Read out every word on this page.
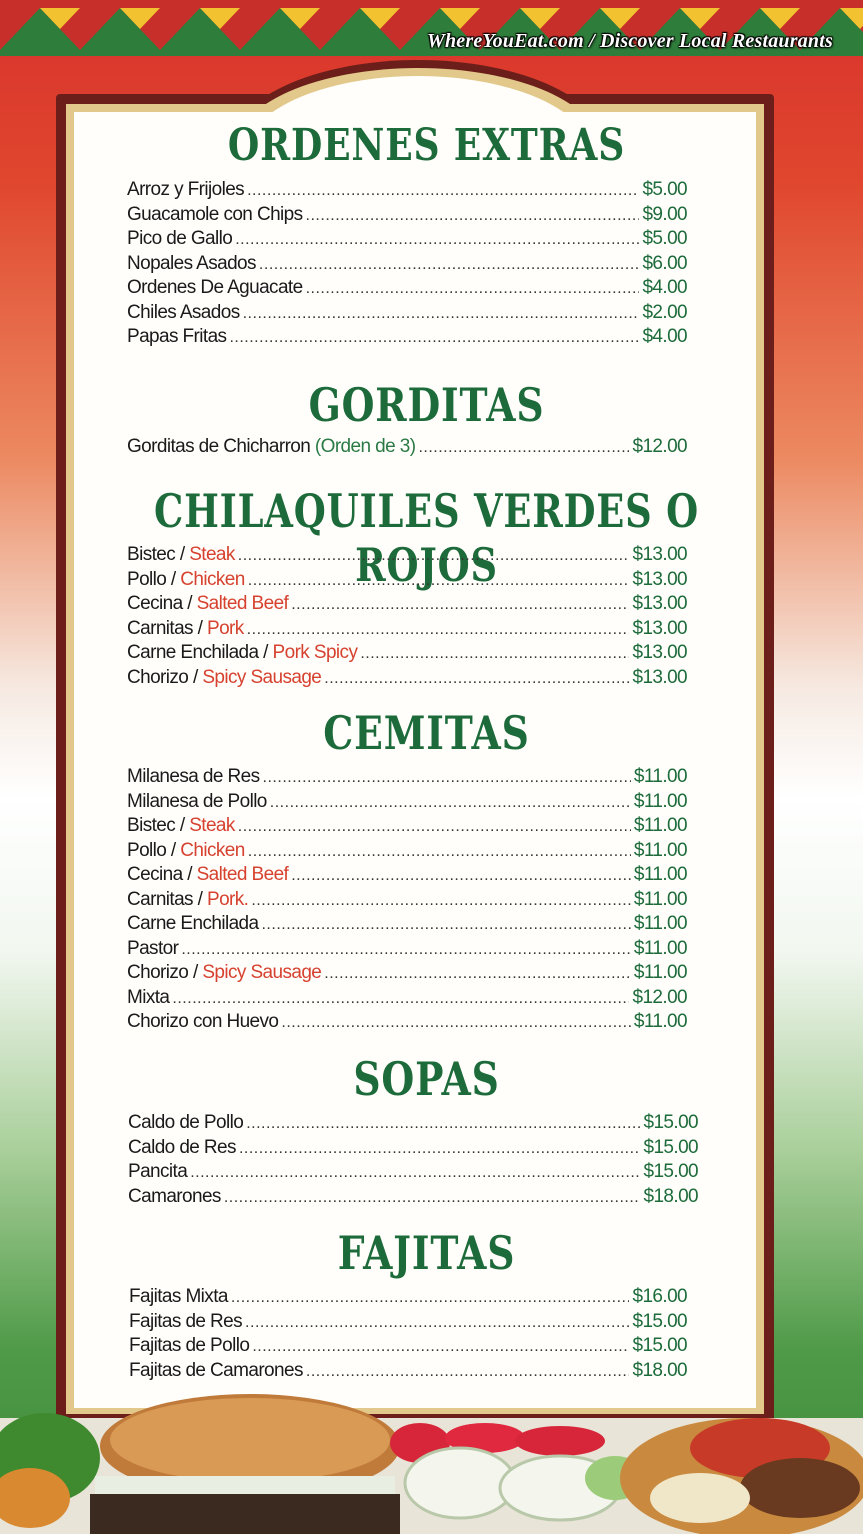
WhereYouEat.com / Discover Local Restaurants
ORDENES EXTRAS
GORDITAS
CHILAQUILES VERDES O ROJOS
CEMITAS
SOPAS
FAJITAS
Arroz y Frijoles .....	$5.00
Guacamole con Chips .....	$9.00
Pico de Gallo .....	$5.00
Nopales Asados .....	$6.00
Ordenes De Aguacate .....	$4.00
Chiles Asados .....	$2.00
Papas Fritas .....	$4.00
Gorditas de Chicharron
(Orden de 3) .....	$12.00
Bistec / Steak .....	$13.00
Pollo / Chicken .....	$13.00
Cecina / Salted Beef .....	$13.00
Carnitas / Pork .....	$13.00
Carne Enchilada / Pork Spicy .....	$13.00
Chorizo / Spicy Sausage .....	$13.00
Milanesa de Res .....	$11.00
Milanesa de Pollo .....	$11.00
Bistec / Steak .....	$11.00
Pollo / Chicken .....	$11.00
Cecina / Salted Beef .....	$11.00
Carnitas / Pork. .....	$11.00
Carne Enchilada .....	$11.00
Pastor .....	$11.00
Chorizo / Spicy Sausage .....	$11.00
Mixta .....	$12.00
Chorizo con Huevo .....	$11.00
Caldo de Pollo .....	$15.00
Caldo de Res .....	$15.00
Pancita .....	$15.00
Camarones .....	$18.00
Fajitas Mixta .....	$16.00
Fajitas de Res .....	$15.00
Fajitas de Pollo .....	$15.00
Fajitas de Camarones .....	$18.00
